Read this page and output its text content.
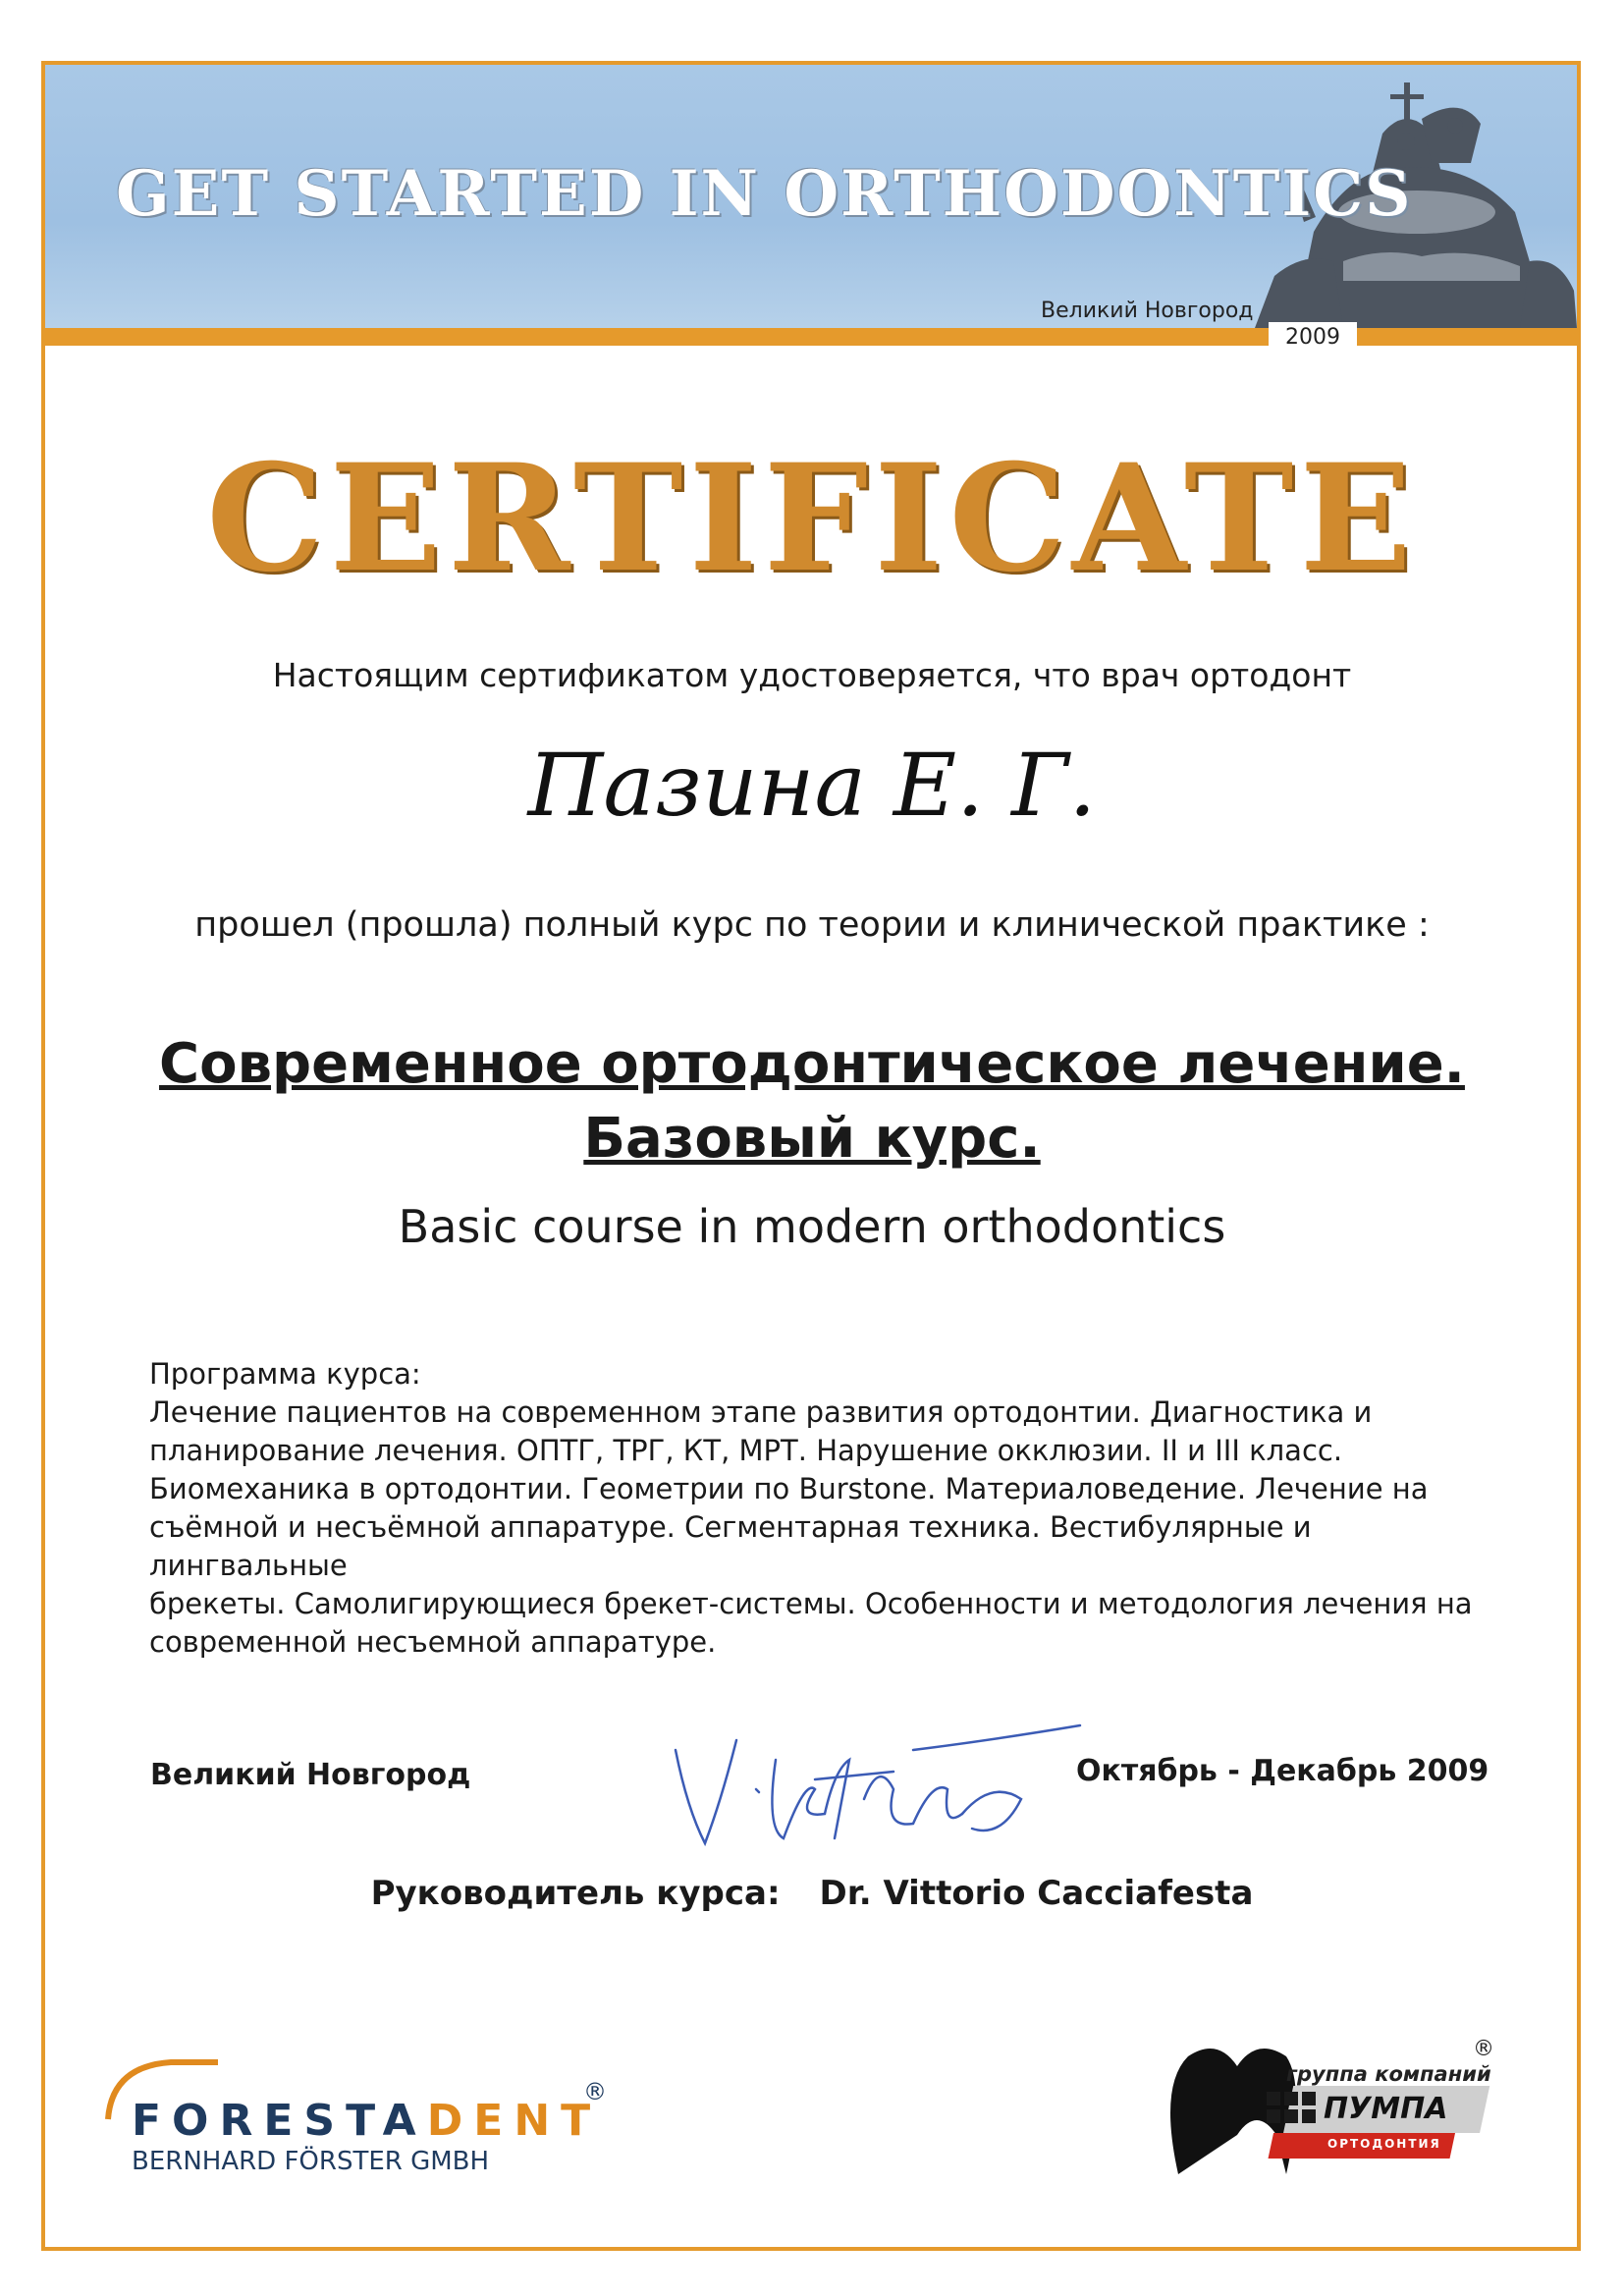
GET STARTED IN ORTHODONTICS
Великий Новгород
2009
CERTIFICATE
Настоящим сертификатом удостоверяется, что врач ортодонт
Пазина Е. Г.
прошел (прошла) полный курс по теории и клинической практике :
Современное ортодонтическое лечение.
Базовый курс.
Basic course in modern orthodontics
Программа курса:
Лечение пациентов на современном этапе развития ортодонтии. Диагностика и
планирование лечения. ОПТГ, ТРГ, КТ, МРТ. Нарушение окклюзии. II и III класс.
Биомеханика в ортодонтии. Геометрии по Burstone. Материаловедение. Лечение на
съёмной и несъёмной аппаратуре. Сегментарная техника. Вестибулярные и лингвальные
брекеты. Самолигирующиеся брекет-системы. Особенности и методология лечения на
современной несъемной аппаратуре.
Великий Новгород	Октябрь - Декабрь 2009
Руководитель курса: Dr. Vittorio Cacciafesta
FORESTADENT
®
BERNHARD FÖRSTER GMBH
группа компаний
®
ПУМПА
ОРТОДОНТИЯ
